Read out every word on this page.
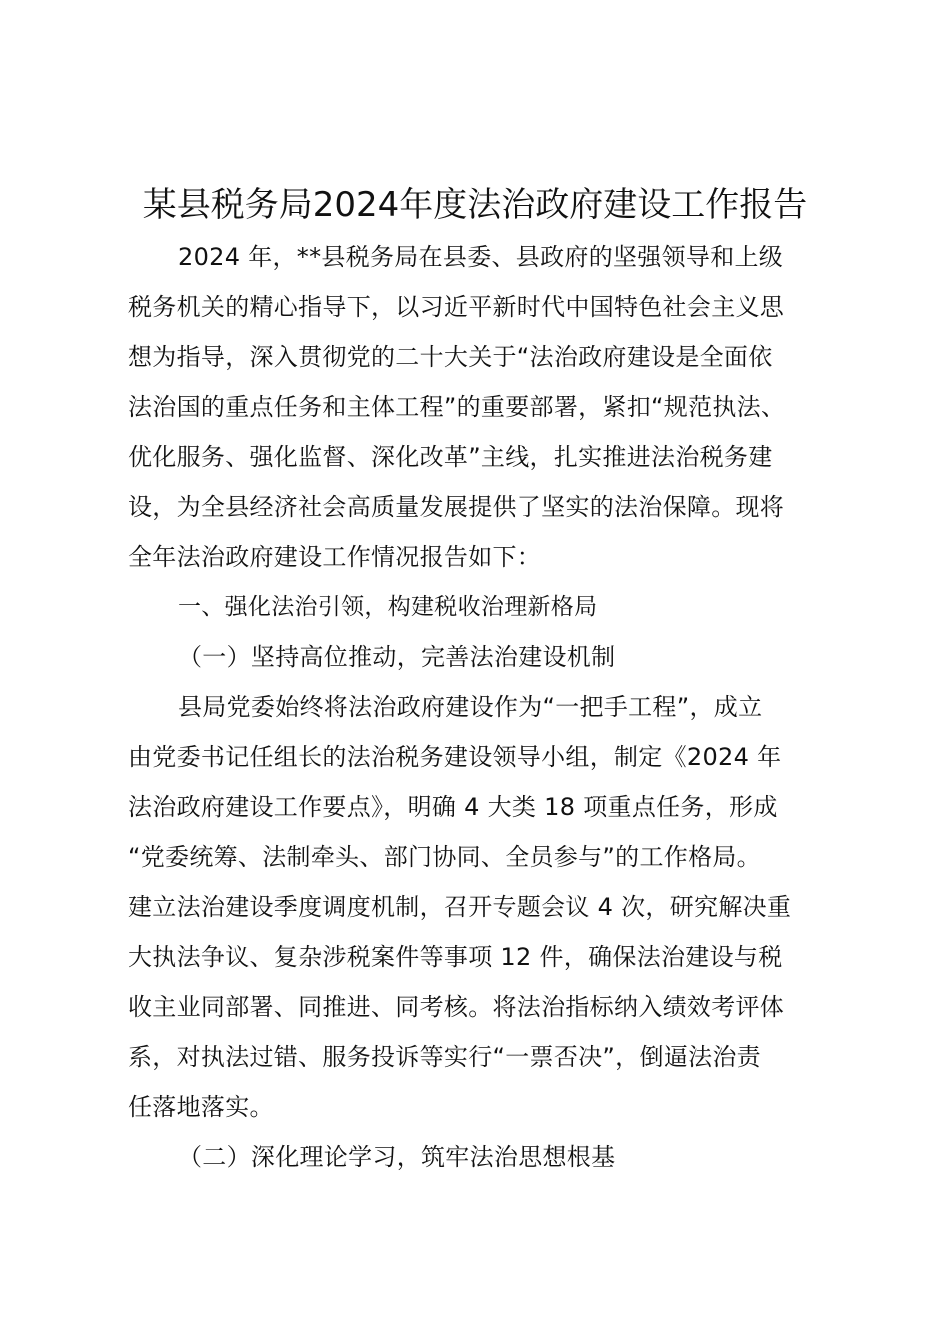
某县税务局2024年度法治政府建设工作报告
2024 年，**县税务局在县委、县政府的坚强领导和上级
税务机关的精心指导下，以习近平新时代中国特色社会主义思
想为指导，深入贯彻党的二十大关于“法治政府建设是全面依
法治国的重点任务和主体工程”的重要部署，紧扣“规范执法、
优化服务、强化监督、深化改革”主线，扎实推进法治税务建
设，为全县经济社会高质量发展提供了坚实的法治保障。现将
全年法治政府建设工作情况报告如下：
一、强化法治引领，构建税收治理新格局
（一）坚持高位推动，完善法治建设机制
县局党委始终将法治政府建设作为“一把手工程”，成立
由党委书记任组长的法治税务建设领导小组，制定《2024 年
法治政府建设工作要点》，明确 4 大类 18 项重点任务，形成
“党委统筹、法制牵头、部门协同、全员参与”的工作格局。
建立法治建设季度调度机制，召开专题会议 4 次，研究解决重
大执法争议、复杂涉税案件等事项 12 件，确保法治建设与税
收主业同部署、同推进、同考核。将法治指标纳入绩效考评体
系，对执法过错、服务投诉等实行“一票否决”，倒逼法治责
任落地落实。
（二）深化理论学习，筑牢法治思想根基
